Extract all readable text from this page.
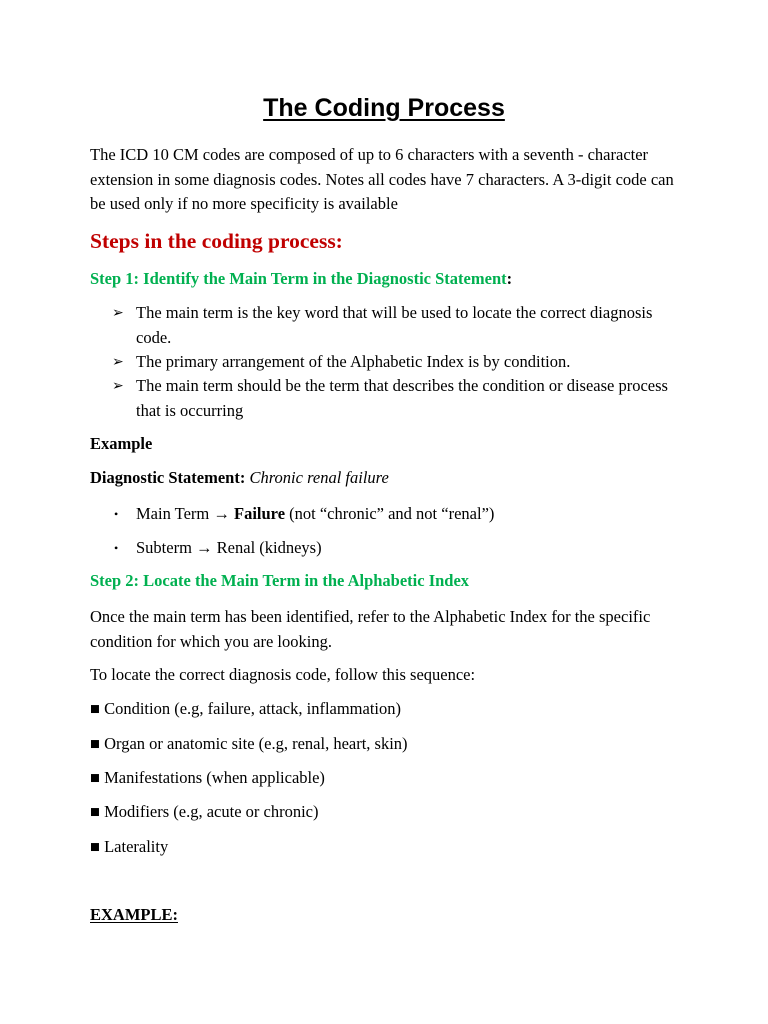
The Coding Process
The ICD 10 CM codes are composed of up to 6 characters with a seventh - character extension in some diagnosis codes. Notes all codes have 7 characters. A 3-digit code can be used only if no more specificity is available
Steps in the coding process:
Step 1: Identify the Main Term in the Diagnostic Statement:
➢ The main term is the key word that will be used to locate the correct diagnosis code.
➢ The primary arrangement of the Alphabetic Index is by condition.
➢ The main term should be the term that describes the condition or disease process that is occurring
Example
Diagnostic Statement: Chronic renal failure
• Main Term → Failure (not “chronic” and not “renal”)
• Subterm → Renal (kidneys)
Step 2: Locate the Main Term in the Alphabetic Index
Once the main term has been identified, refer to the Alphabetic Index for the specific condition for which you are looking.
To locate the correct diagnosis code, follow this sequence:
■ Condition (e.g, failure, attack, inflammation)
■ Organ or anatomic site (e.g, renal, heart, skin)
■ Manifestations (when applicable)
■ Modifiers (e.g, acute or chronic)
■ Laterality
EXAMPLE:
